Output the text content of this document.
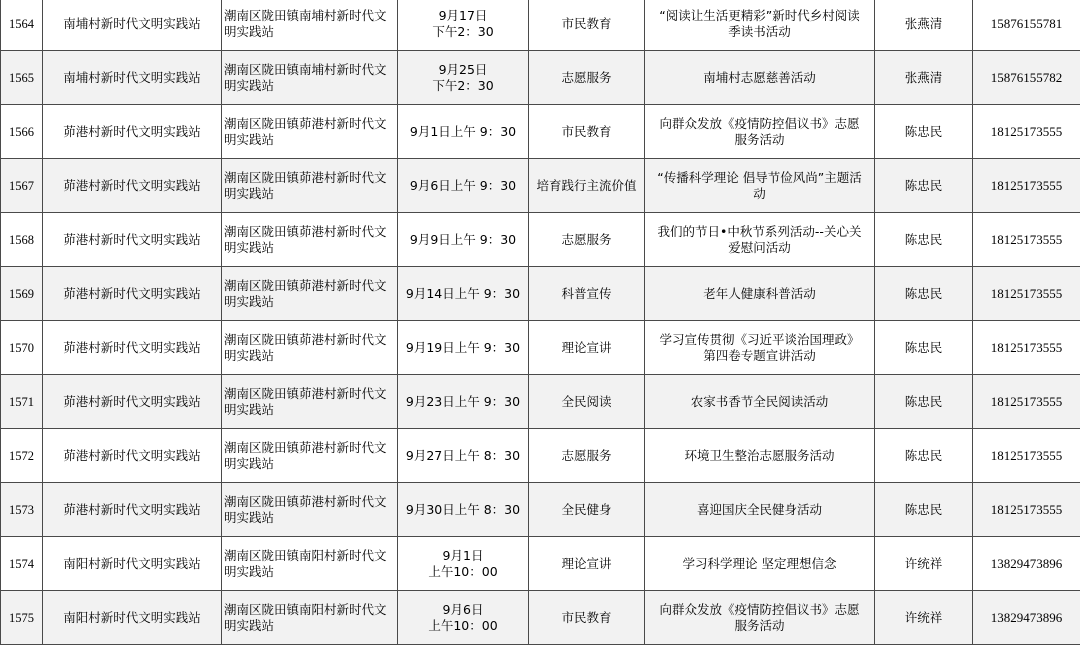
1564	南埔村新时代文明实践站	潮南区陇田镇南埔村新时代文
明实践站	9月17日
下午2：30	市民教育	“阅读让生活更精彩”新时代乡村阅读
季读书活动	张燕清	15876155781
1565	南埔村新时代文明实践站	潮南区陇田镇南埔村新时代文
明实践站	9月25日
下午2：30	志愿服务	南埔村志愿慈善活动	张燕清	15876155782
1566	茆港村新时代文明实践站	潮南区陇田镇茆港村新时代文
明实践站	9月1日上午 9：30	市民教育	向群众发放《疫情防控倡议书》志愿
服务活动	陈忠民	18125173555
1567	茆港村新时代文明实践站	潮南区陇田镇茆港村新时代文
明实践站	9月6日上午 9：30	培育践行主流价值	“传播科学理论 倡导节俭风尚”主题活
动	陈忠民	18125173555
1568	茆港村新时代文明实践站	潮南区陇田镇茆港村新时代文
明实践站	9月9日上午 9：30	志愿服务	我们的节日•中秋节系列活动--关心关
爱慰问活动	陈忠民	18125173555
1569	茆港村新时代文明实践站	潮南区陇田镇茆港村新时代文
明实践站	9月14日上午 9：30	科普宣传	老年人健康科普活动	陈忠民	18125173555
1570	茆港村新时代文明实践站	潮南区陇田镇茆港村新时代文
明实践站	9月19日上午 9：30	理论宣讲	学习宣传贯彻《习近平谈治国理政》
第四卷专题宣讲活动	陈忠民	18125173555
1571	茆港村新时代文明实践站	潮南区陇田镇茆港村新时代文
明实践站	9月23日上午 9：30	全民阅读	农家书香节全民阅读活动	陈忠民	18125173555
1572	茆港村新时代文明实践站	潮南区陇田镇茆港村新时代文
明实践站	9月27日上午 8：30	志愿服务	环境卫生整治志愿服务活动	陈忠民	18125173555
1573	茆港村新时代文明实践站	潮南区陇田镇茆港村新时代文
明实践站	9月30日上午 8：30	全民健身	喜迎国庆全民健身活动	陈忠民	18125173555
1574	南阳村新时代文明实践站	潮南区陇田镇南阳村新时代文
明实践站	9月1日
上午10：00	理论宣讲	学习科学理论 坚定理想信念	许统祥	13829473896
1575	南阳村新时代文明实践站	潮南区陇田镇南阳村新时代文
明实践站	9月6日
上午10：00	市民教育	向群众发放《疫情防控倡议书》志愿
服务活动	许统祥	13829473896
